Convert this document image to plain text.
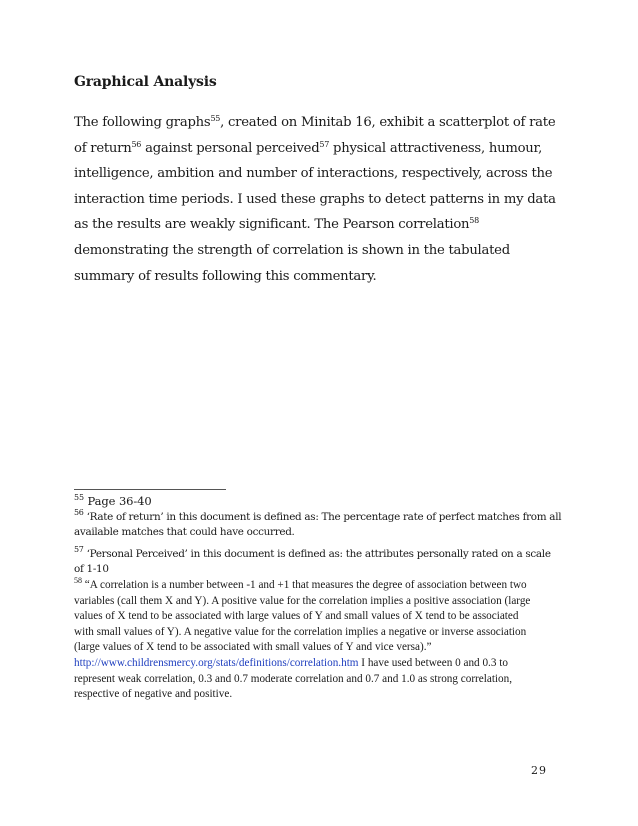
Graphical Analysis
The following graphs$^{55}$, created on Minitab 16, exhibit a scatterplot of rate
of return$^{56}$ against personal perceived$^{57}$ physical attractiveness, humour,
intelligence, ambition and number of interactions, respectively, across the
interaction time periods. I used these graphs to detect patterns in my data
as the results are weakly significant. The Pearson correlation$^{58}$
demonstrating the strength of correlation is shown in the tabulated
summary of results following this commentary.
$^{55}$ Page 36-40
$^{56}$ ‘Rate of return’ in this document is defined as: The percentage rate of perfect matches from all
available matches that could have occurred.
$^{57}$ ‘Personal Perceived’ in this document is defined as: the attributes personally rated on a scale
of 1-10
$^{58}$ “A correlation is a number between -1 and +1 that measures the degree of association between two
variables (call them X and Y). A positive value for the correlation implies a positive association (large
values of X tend to be associated with large values of Y and small values of X tend to be associated
with small values of Y). A negative value for the correlation implies a negative or inverse association
(large values of X tend to be associated with small values of Y and vice versa).”
http://www.childrensmercy.org/stats/definitions/correlation.htm I have used between 0 and 0.3 to
represent weak correlation, 0.3 and 0.7 moderate correlation and 0.7 and 1.0 as strong correlation,
respective of negative and positive.
29
